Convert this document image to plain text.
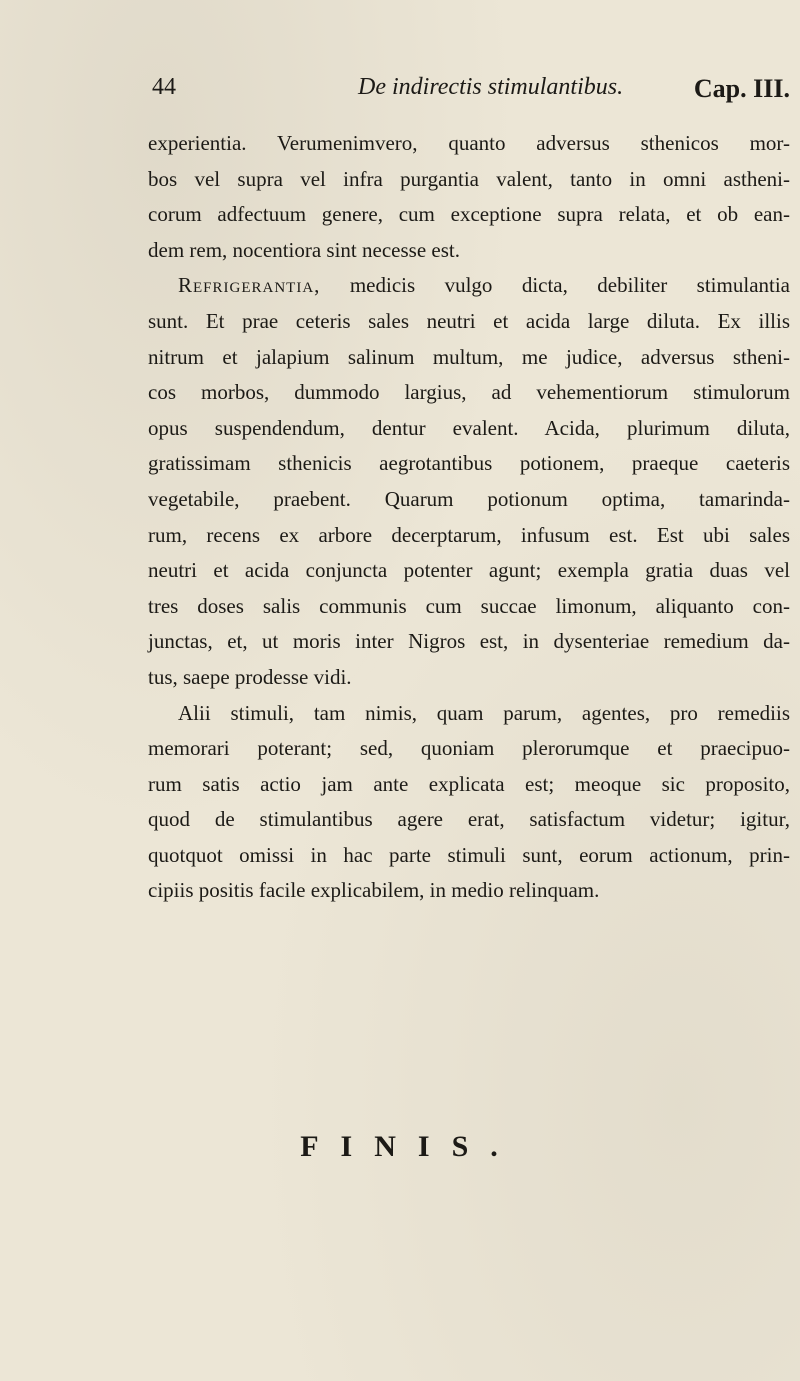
44	De indirectis stimulantibus.	Cap. III.
experientia. Verumenimvero, quanto adversus sthenicos mor-
bos vel supra vel infra purgantia valent, tanto in omni astheni-
corum adfectuum genere, cum exceptione supra relata, et ob ean-
dem rem, nocentiora sint necesse est.
Refrigerantia, medicis vulgo dicta, debiliter stimulantia
sunt. Et prae ceteris sales neutri et acida large diluta. Ex illis
nitrum et jalapium salinum multum, me judice, adversus stheni-
cos morbos, dummodo largius, ad vehementiorum stimulorum
opus suspendendum, dentur evalent. Acida, plurimum diluta,
gratissimam sthenicis aegrotantibus potionem, praeque caeteris
vegetabile, praebent. Quarum potionum optima, tamarinda-
rum, recens ex arbore decerptarum, infusum est. Est ubi sales
neutri et acida conjuncta potenter agunt; exempla gratia duas vel
tres doses salis communis cum succae limonum, aliquanto con-
junctas, et, ut moris inter Nigros est, in dysenteriae remedium da-
tus, saepe prodesse vidi.
Alii stimuli, tam nimis, quam parum, agentes, pro remediis
memorari poterant; sed, quoniam plerorumque et praecipuo-
rum satis actio jam ante explicata est; meoque sic proposito,
quod de stimulantibus agere erat, satisfactum videtur; igitur,
quotquot omissi in hac parte stimuli sunt, eorum actionum, prin-
cipiis positis facile explicabilem, in medio relinquam.
FINIS.
